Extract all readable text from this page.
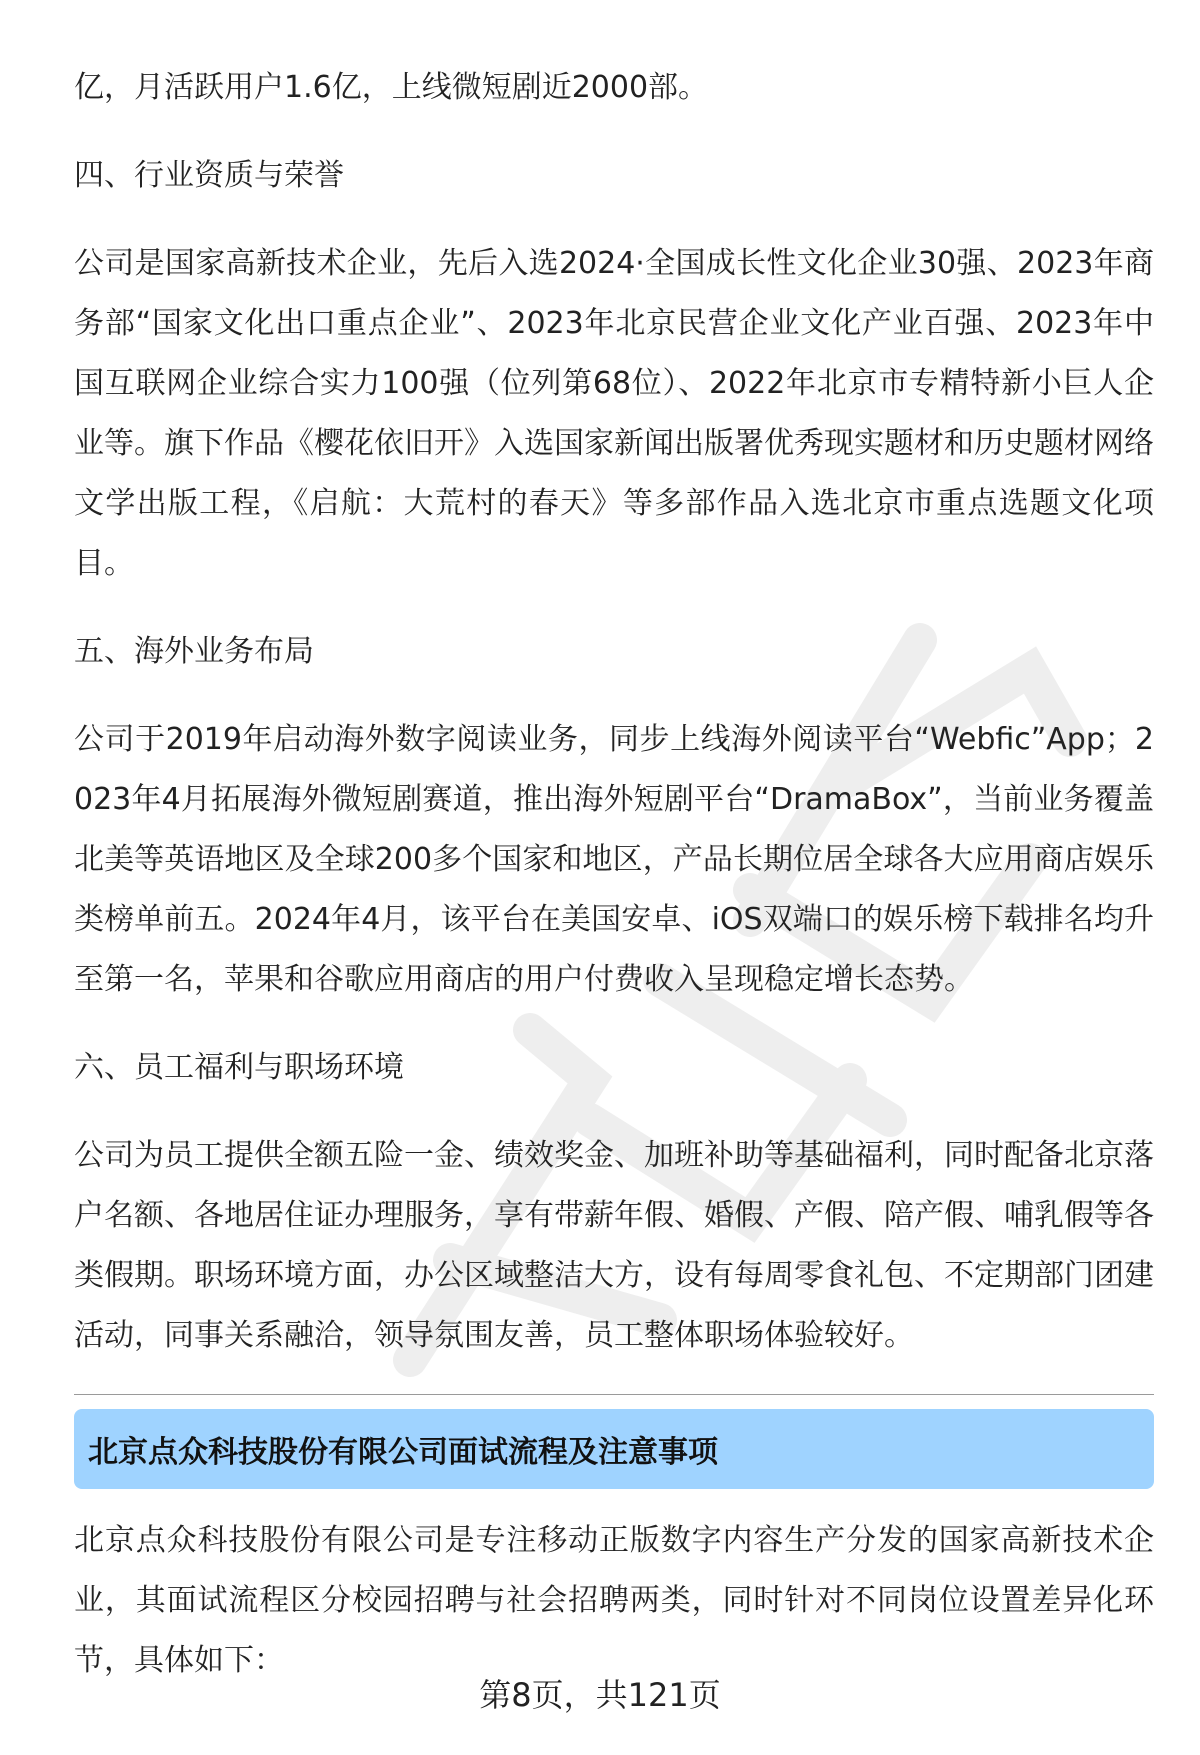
亿，月活跃用户1.6亿，上线微短剧近2000部。

四、行业资质与荣誉

公司是国家高新技术企业，先后入选2024·全国成长性文化企业30强、2023年商务部“国家文化出口重点企业”、2023年北京民营企业文化产业百强、2023年中国互联网企业综合实力100强（位列第68位）、2022年北京市专精特新小巨人企业等。旗下作品《樱花依旧开》入选国家新闻出版署优秀现实题材和历史题材网络文学出版工程，《启航：大荒村的春天》等多部作品入选北京市重点选题文化项目。

五、海外业务布局

公司于2019年启动海外数字阅读业务，同步上线海外阅读平台“Webfic”App；2023年4月拓展海外微短剧赛道，推出海外短剧平台“DramaBox”，当前业务覆盖北美等英语地区及全球200多个国家和地区，产品长期位居全球各大应用商店娱乐类榜单前五。2024年4月，该平台在美国安卓、iOS双端口的娱乐榜下载排名均升至第一名，苹果和谷歌应用商店的用户付费收入呈现稳定增长态势。

六、员工福利与职场环境

公司为员工提供全额五险一金、绩效奖金、加班补助等基础福利，同时配备北京落户名额、各地居住证办理服务，享有带薪年假、婚假、产假、陪产假、哺乳假等各类假期。职场环境方面，办公区域整洁大方，设有每周零食礼包、不定期部门团建活动，同事关系融洽，领导氛围友善，员工整体职场体验较好。

北京点众科技股份有限公司面试流程及注意事项

北京点众科技股份有限公司是专注移动正版数字内容生产分发的国家高新技术企业，其面试流程区分校园招聘与社会招聘两类，同时针对不同岗位设置差异化环节，具体如下：

第8页，共121页
